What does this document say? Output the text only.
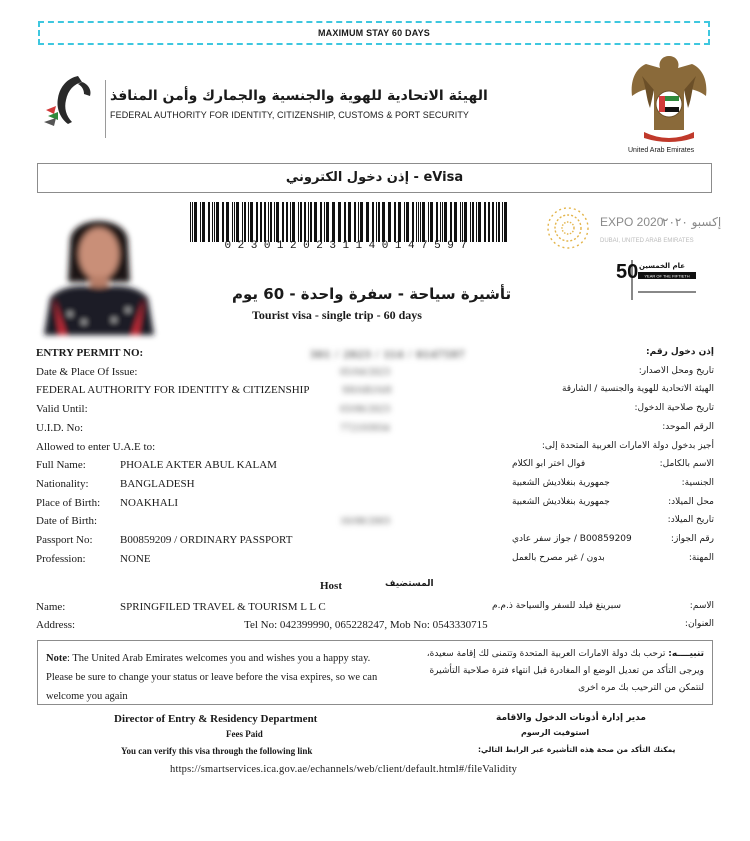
MAXIMUM STAY 60 DAYS
الهيئة الاتحادية للهوية والجنسية والجمارك وأمن المنافذ
FEDERAL AUTHORITY FOR IDENTITY, CITIZENSHIP, CUSTOMS & PORT SECURITY
United Arab Emirates
إذن دخول الكتروني - eVisa
0230120231140147597
EXPO 2020
إكسبو ٢٠٢٠
DUBAI, UNITED ARAB EMIRATES
50 عام الخمسين
YEAR OF THE FIFTIETH
تأشيرة سياحة - سفرة واحدة - 60 يوم
Tourist visa - single trip - 60 days
ENTRY PERMIT NO:	301 / 2023 / 114 / 0147597	إذن دخول رقم:
Date & Place Of Issue:	05/04/2023	تاريخ ومحل الاصدار:
FEDERAL AUTHORITY FOR IDENTITY & CITIZENSHIP	SHARJAH	الهيئة الاتحادية للهوية والجنسية / الشارقة
Valid Until:	03/06/2023	تاريخ صلاحية الدخول:
U.I.D. No:	772193934	الرقم الموحد:
Allowed to enter U.A.E to:	أجيز بدخول دولة الامارات العربية المتحدة إلى:
Full Name:	PHOALE AKTER ABUL KALAM	فوال اختر ابو الكلام	الاسم بالكامل:
Nationality:	BANGLADESH	جمهورية بنغلاديش الشعبية	الجنسية:
Place of Birth: NOAKHALI	جمهورية بنغلاديش الشعبية	محل الميلاد:
Date of Birth:	16/08/2003	تاريخ الميلاد:
Passport No: B00859209 / ORDINARY PASSPORT	B00859209 / جواز سفر عادي	رقم الجواز:
Profession:	NONE	بدون / غير مصرح بالعمل	المهنة:
Host	المستضيف
Name:	SPRINGFILED TRAVEL & TOURISM L L C	سبرينغ فيلد للسفر والسياحة ذ.م.م	الاسم:
Address:	Tel No: 042399990, 065228247, Mob No: 0543330715	العنوان:
Note: The United Arab Emirates welcomes you and wishes you a happy stay. Please be sure to change your status or leave before the visa expires, so we can welcome you again
تنبيــــه: ترحب بك دولة الامارات العربية المتحدة وتتمنى لك إقامة سعيدة، ويرجى التأكد من تعديل الوضع او المغادرة قبل انتهاء فترة صلاحية التأشيرة لنتمكن من الترحيب بك مره اخرى
Director of Entry & Residency Department	مدير إدارة أذونات الدخول والاقامة
Fees Paid	استوفيت الرسوم
You can verify this visa through the following link	يمكنك التأكد من صحة هذه التأشيرة عبر الرابط التالي:
https://smartservices.ica.gov.ae/echannels/web/client/default.html#/fileValidity
